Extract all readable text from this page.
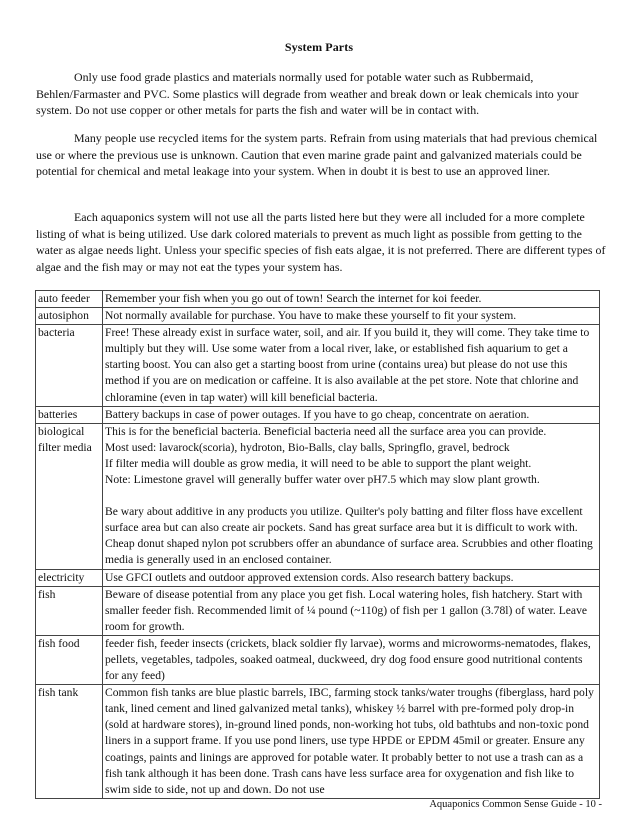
System Parts

Only use food grade plastics and materials normally used for potable water such as Rubbermaid, Behlen/Farmaster and PVC. Some plastics will degrade from weather and break down or leak chemicals into your system. Do not use copper or other metals for parts the fish and water will be in contact with.

Many people use recycled items for the system parts. Refrain from using materials that had previous chemical use or where the previous use is unknown. Caution that even marine grade paint and galvanized materials could be potential for chemical and metal leakage into your system. When in doubt it is best to use an approved liner.

Each aquaponics system will not use all the parts listed here but they were all included for a more complete listing of what is being utilized. Use dark colored materials to prevent as much light as possible from getting to the water as algae needs light. Unless your specific species of fish eats algae, it is not preferred. There are different types of algae and the fish may or may not eat the types your system has.

auto feeder	Remember your fish when you go out of town! Search the internet for koi feeder.
autosiphon	Not normally available for purchase. You have to make these yourself to fit your system.
bacteria	Free! These already exist in surface water, soil, and air. If you build it, they will come. They take time to multiply but they will. Use some water from a local river, lake, or established fish aquarium to get a starting boost. You can also get a starting boost from urine (contains urea) but please do not use this method if you are on medication or caffeine. It is also available at the pet store. Note that chlorine and chloramine (even in tap water) will kill beneficial bacteria.
batteries	Battery backups in case of power outages. If you have to go cheap, concentrate on aeration.
biological filter media	This is for the beneficial bacteria. Beneficial bacteria need all the surface area you can provide.
Most used: lavarock(scoria), hydroton, Bio-Balls, clay balls, Springflo, gravel, bedrock
If filter media will double as grow media, it will need to be able to support the plant weight.
Note: Limestone gravel will generally buffer water over pH7.5 which may slow plant growth.
Be wary about additive in any products you utilize. Quilter's poly batting and filter floss have excellent surface area but can also create air pockets. Sand has great surface area but it is difficult to work with. Cheap donut shaped nylon pot scrubbers offer an abundance of surface area. Scrubbies and other floating media is generally used in an enclosed container.

electricity	Use GFCI outlets and outdoor approved extension cords. Also research battery backups.
fish	Beware of disease potential from any place you get fish. Local watering holes, fish hatchery. Start with smaller feeder fish. Recommended limit of ¼ pound (~110g) of fish per 1 gallon (3.78l) of water. Leave room for growth.
fish food	feeder fish, feeder insects (crickets, black soldier fly larvae), worms and microworms-nematodes, flakes, pellets, vegetables, tadpoles, soaked oatmeal, duckweed, dry dog food ensure good nutritional contents for any feed)
fish tank	Common fish tanks are blue plastic barrels, IBC, farming stock tanks/water troughs (fiberglass, hard poly tank, lined cement and lined galvanized metal tanks), whiskey ½ barrel with pre-formed poly drop-in (sold at hardware stores), in-ground lined ponds, non-working hot tubs, old bathtubs and non-toxic pond liners in a support frame. If you use pond liners, use type HPDE or EPDM 45mil or greater. Ensure any coatings, paints and linings are approved for potable water. It probably better to not use a trash can as a fish tank although it has been done. Trash cans have less surface area for oxygenation and fish like to swim side to side, not up and down. Do not use
Aquaponics Common Sense Guide - 10 -
